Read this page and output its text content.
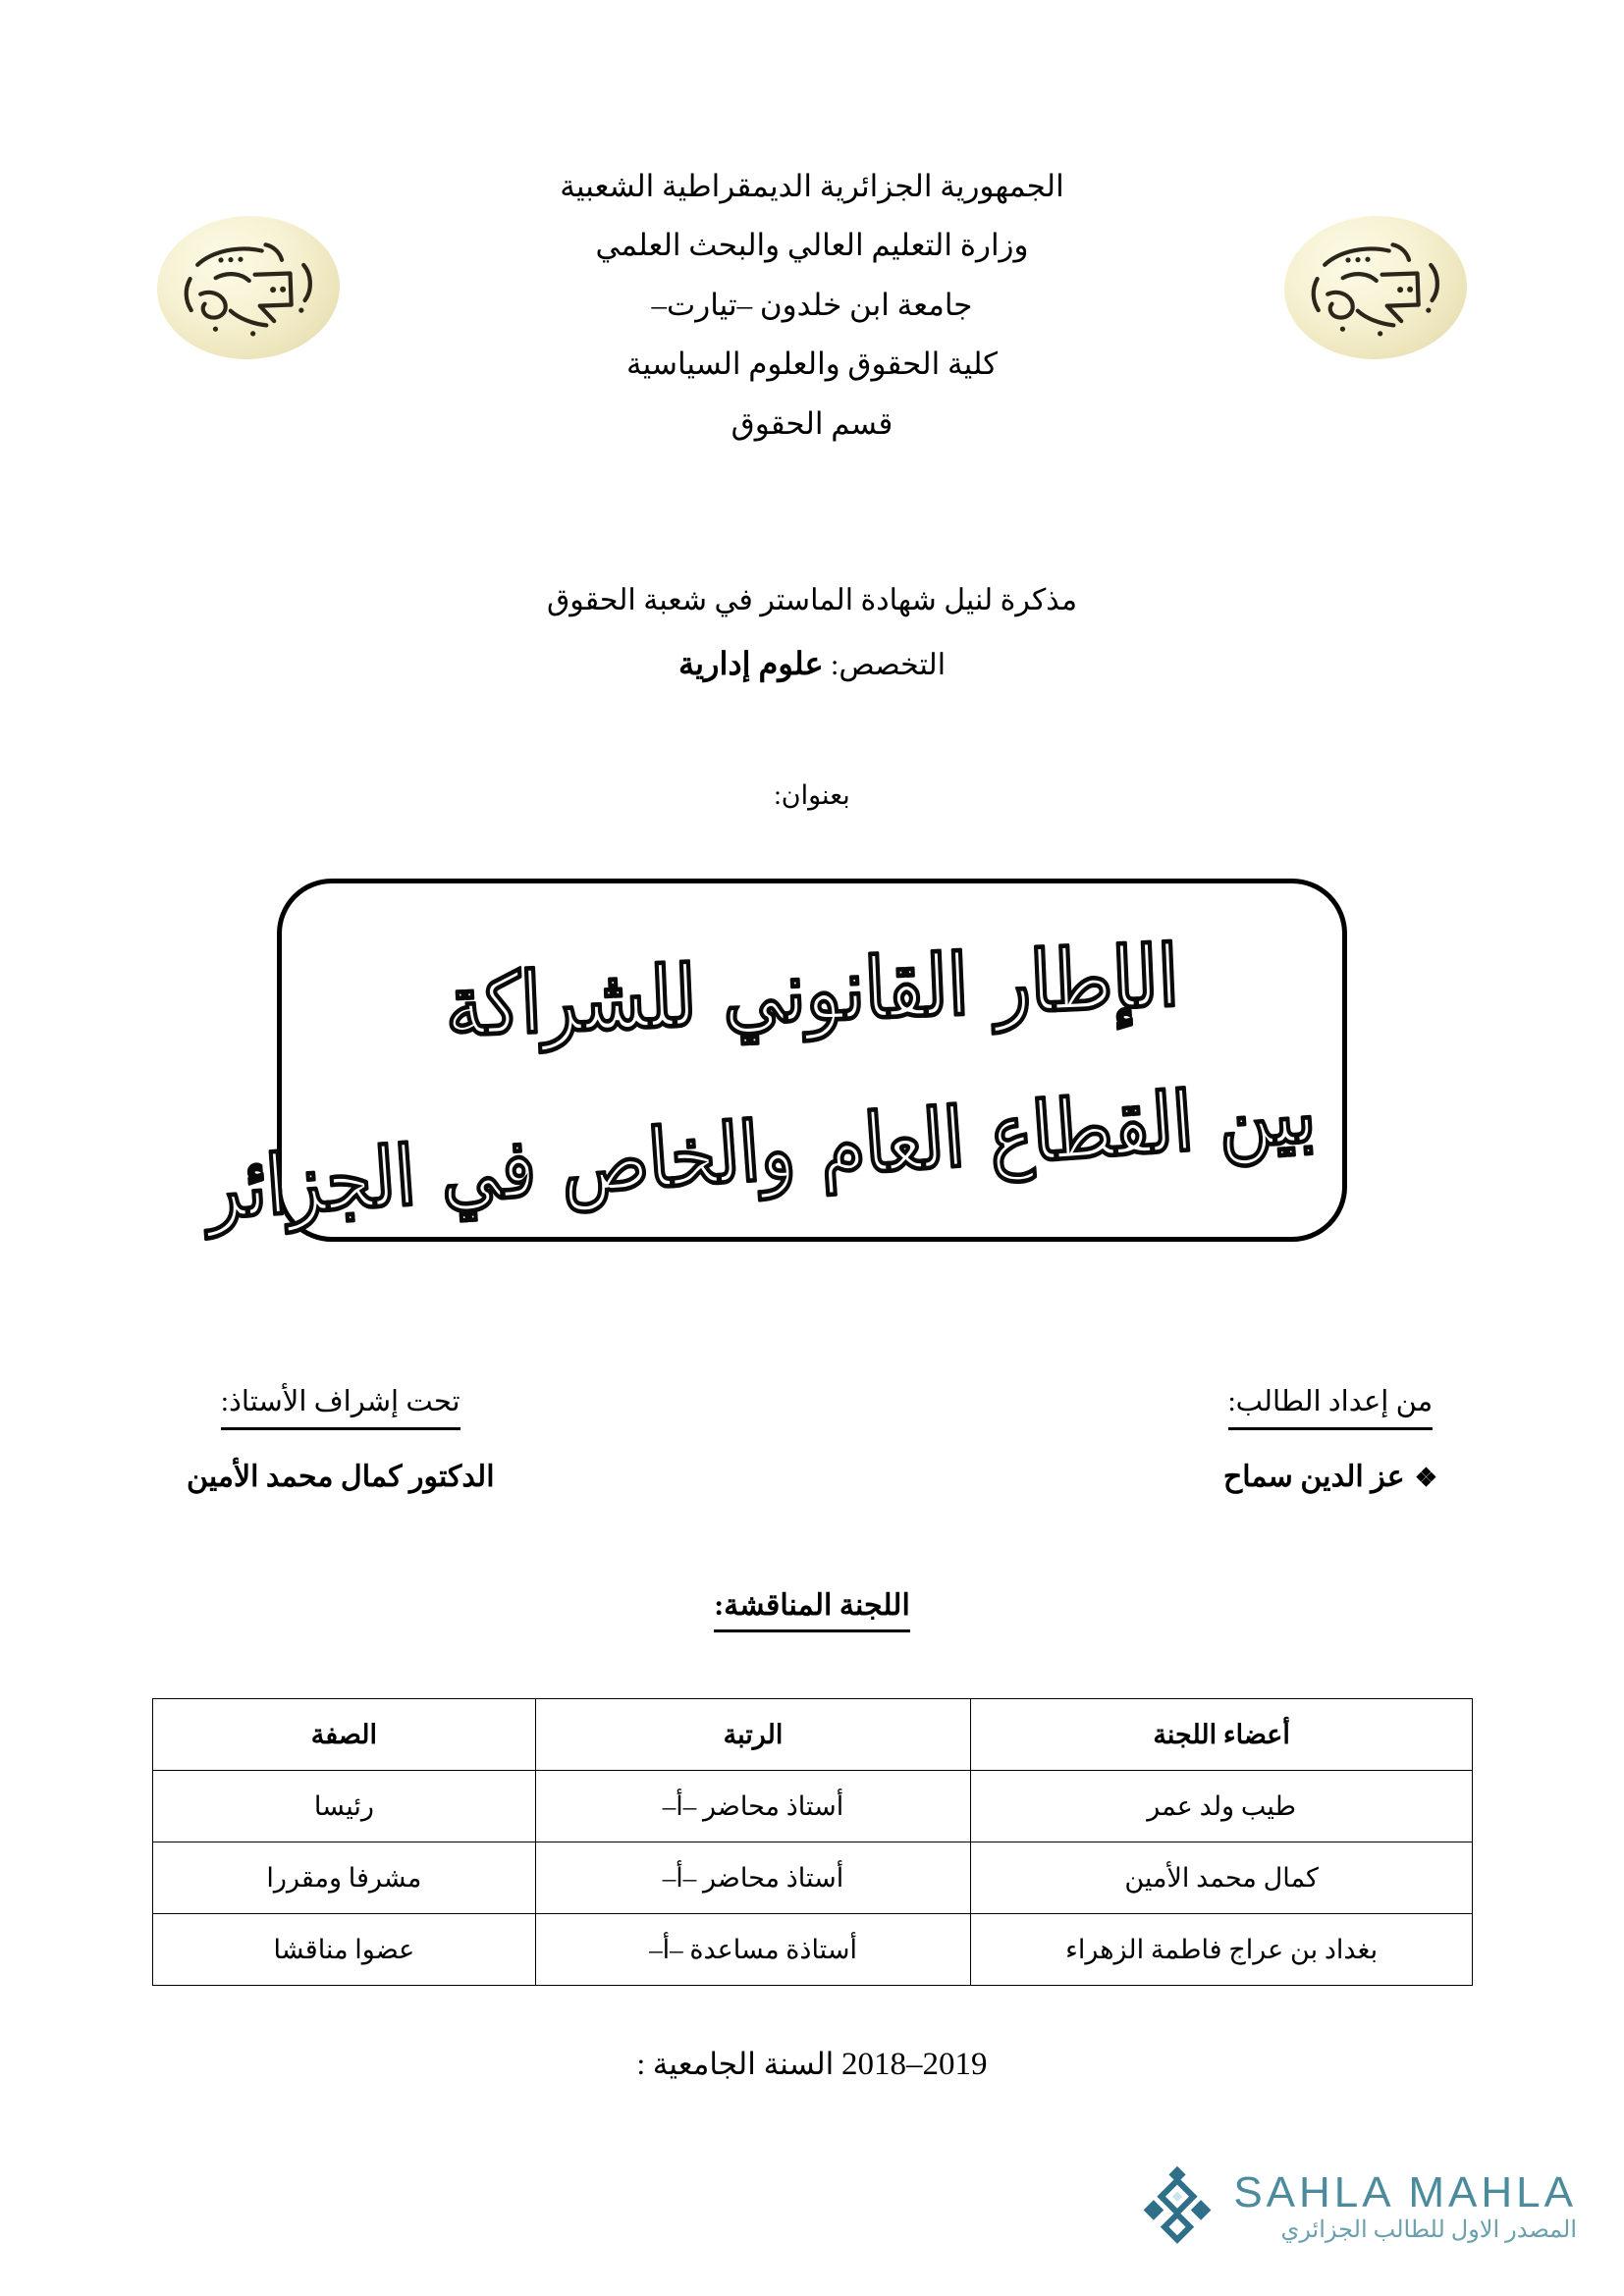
الجمهورية الجزائرية الديمقراطية الشعبية
وزارة التعليم العالي والبحث العلمي
جامعة ابن خلدون –تيارت–
كلية الحقوق والعلوم السياسية
قسم الحقوق
مذكرة لنيل شهادة الماستر في شعبة الحقوق
التخصص: علوم إدارية
بعنوان:
الإطار القانوني للشراكة
بين القطاع العام والخاص في الجزائر
من إعداد الطالب:
❖عز الدين سماح
تحت إشراف الأستاذ:
الدكتور كمال محمد الأمين
اللجنة المناقشة:
أعضاء اللجنة	الرتبة	الصفة
طيب ولد عمر	أستاذ محاضر –أ–	رئيسا
كمال محمد الأمين	أستاذ محاضر –أ–	مشرفا ومقررا
بغداد بن عراج فاطمة الزهراء	أستاذة مساعدة –أ–	عضوا مناقشا
2018–2019 السنة الجامعية :
SAHLA MAHLA
المصدر الاول للطالب الجزائري
